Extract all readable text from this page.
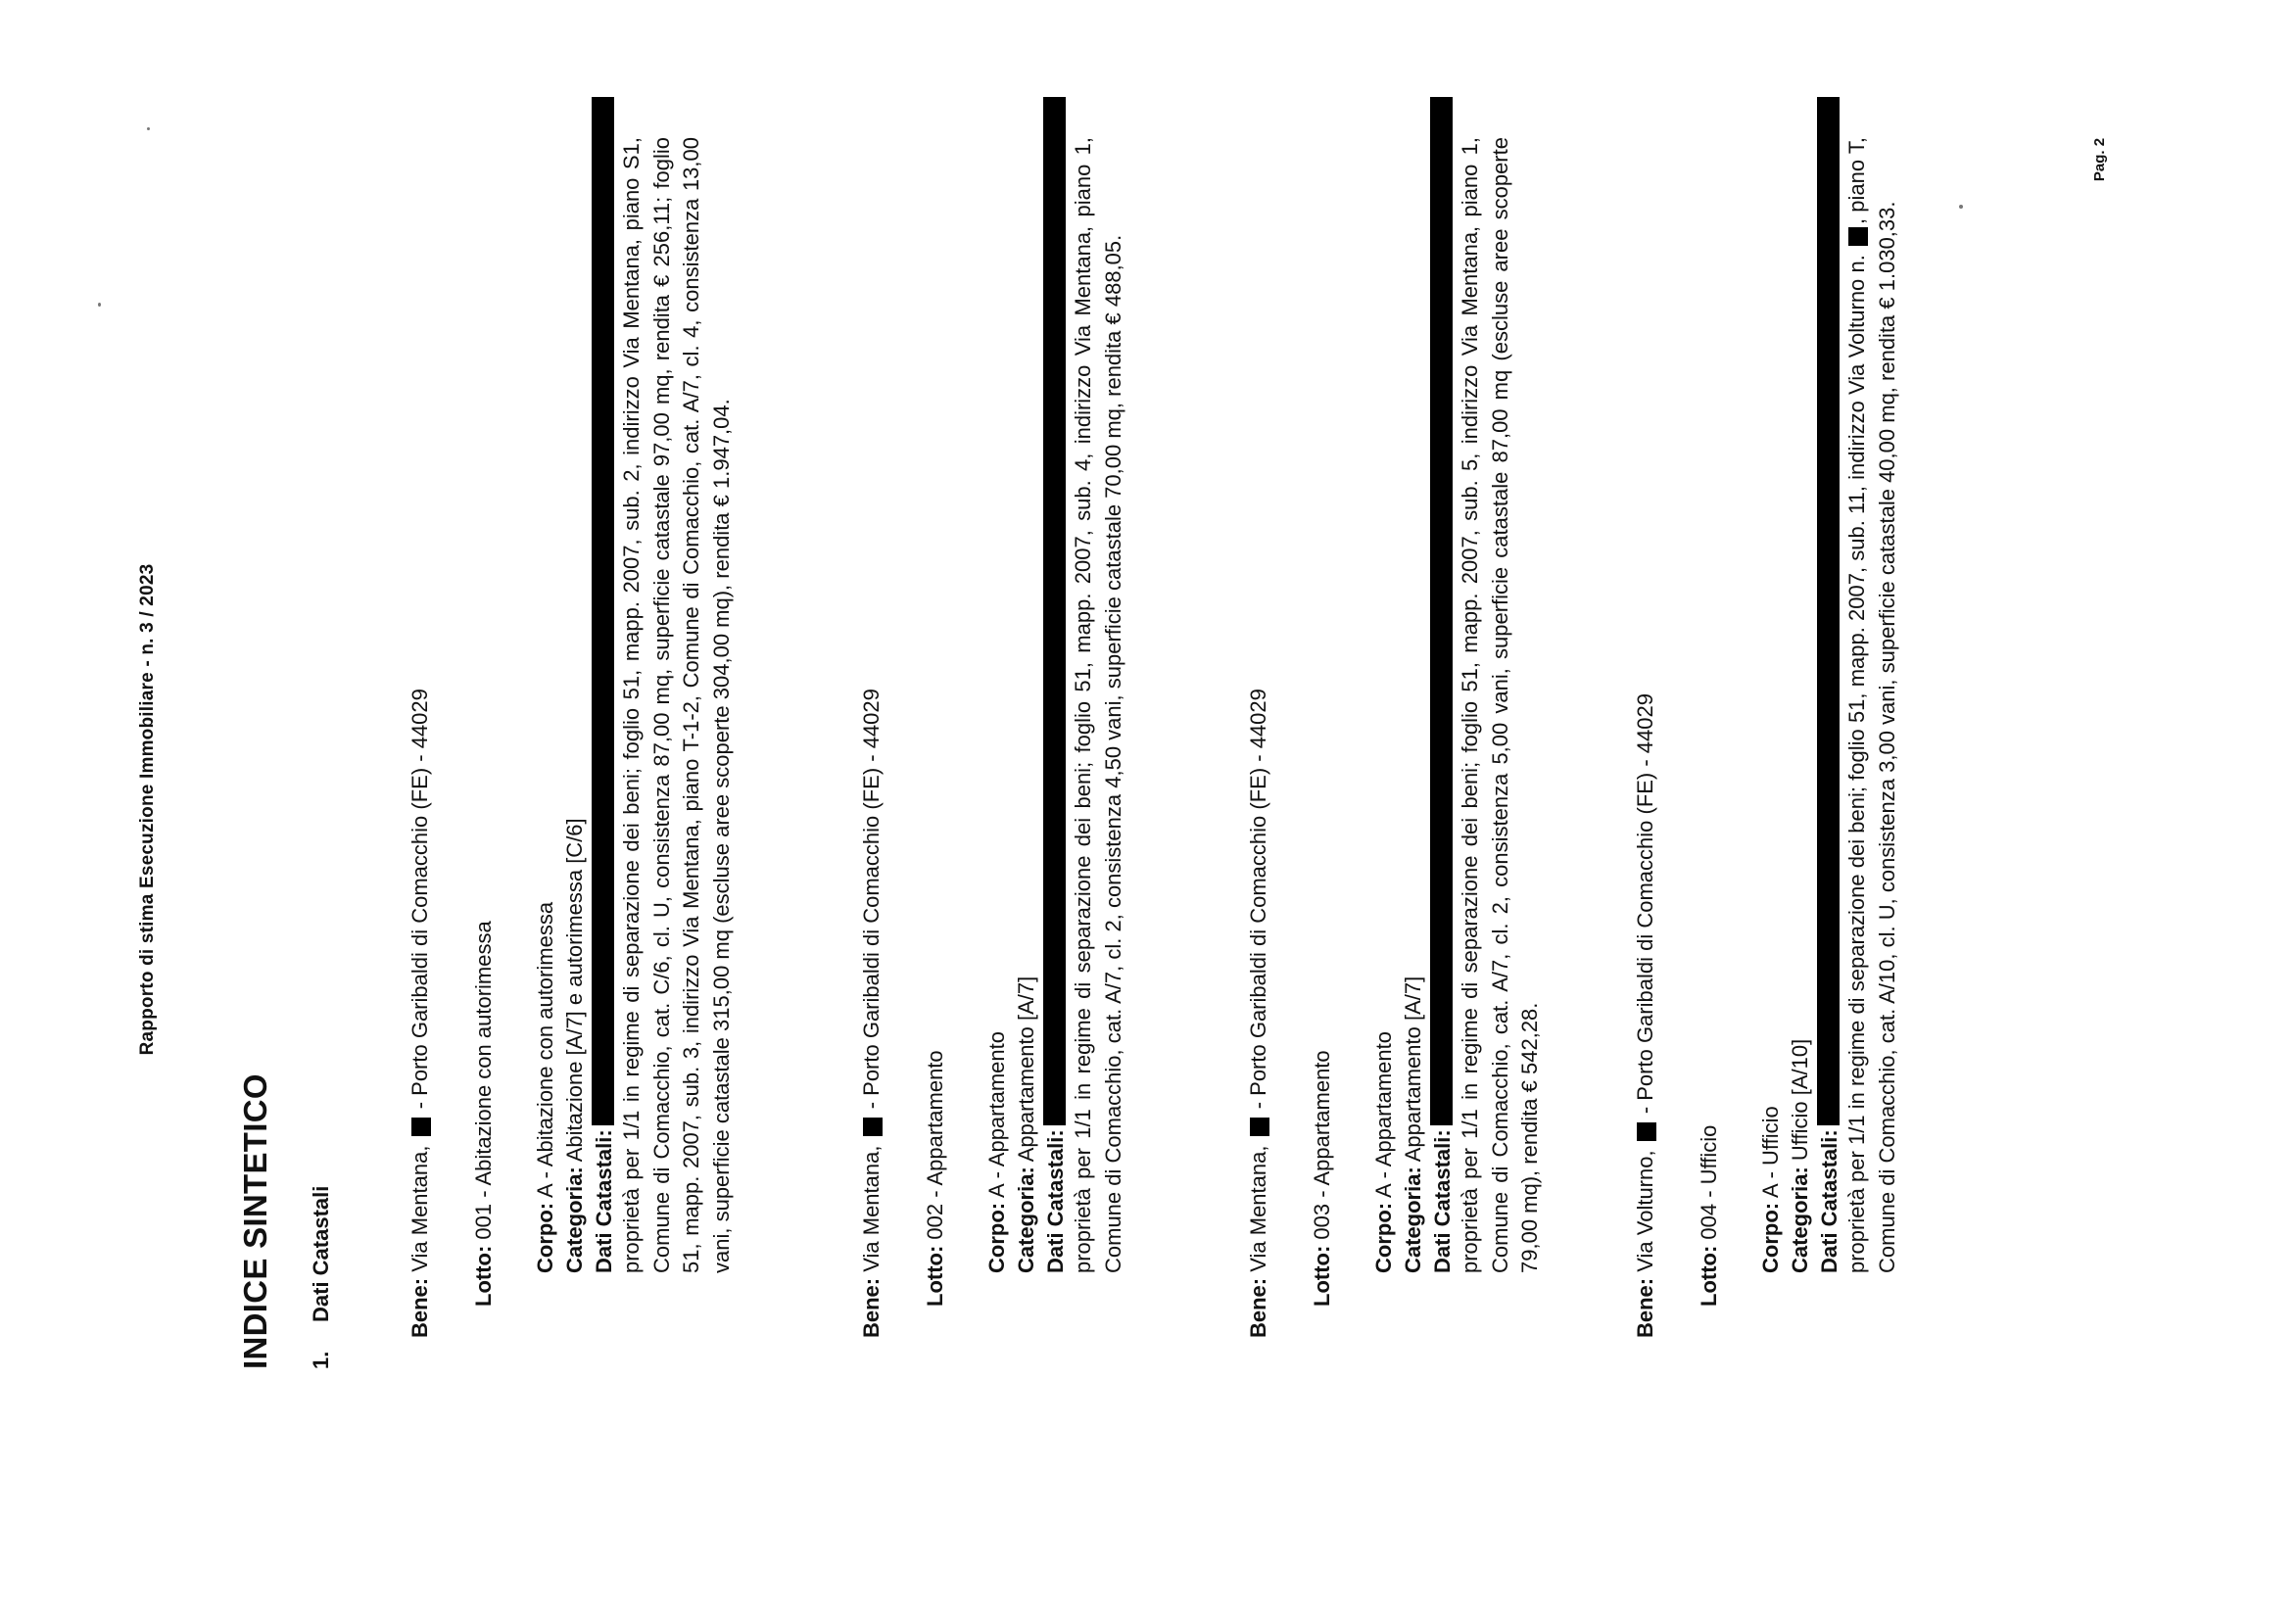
Rapporto di stima Esecuzione Immobiliare - n. 3 / 2023
INDICE SINTETICO 1.Dati Catastali	Bene: Via Mentana,  - Porto Garibaldi di Comacchio (FE) - 44029
Lotto: 001 - Abitazione con autorimessa Corpo: A - Abitazione con autorimessa
Categoria: Abitazione [A/7] e autorimessa [C/6]
Dati Catastali: proprietà per 1/1 in regime di separazione dei beni; foglio 51, mapp. 2007, sub. 2, indirizzo Via Mentana, piano S1, Comune di Comacchio, cat. C/6, cl. U, consistenza 87,00 mq, superficie catastale 97,00 mq, rendita € 256,11; foglio 51, mapp. 2007, sub. 3, indirizzo Via Mentana, piano T-1-2, Comune di Comacchio, cat. A/7, cl. 4, consistenza 13,00 vani, superficie catastale 315,00 mq (escluse aree scoperte 304,00 mq), rendita € 1.947,04.
Bene: Via Mentana,  - Porto Garibaldi di Comacchio (FE) - 44029
Lotto: 002 - Appartamento Corpo: A - Appartamento
Categoria: Appartamento [A/7]
Dati Catastali: proprietà per 1/1 in regime di separazione dei beni; foglio 51, mapp. 2007, sub. 4, indirizzo Via Mentana, piano 1, Comune di Comacchio, cat. A/7, cl. 2, consistenza 4,50 vani, superficie catastale 70,00 mq, rendita € 488,05.
Bene: Via Mentana,  - Porto Garibaldi di Comacchio (FE) - 44029
Lotto: 003 - Appartamento Corpo: A - Appartamento
Categoria: Appartamento [A/7]
Dati Catastali: proprietà per 1/1 in regime di separazione dei beni; foglio 51, mapp. 2007, sub. 5, indirizzo Via Mentana, piano 1, Comune di Comacchio, cat. A/7, cl. 2, consistenza 5,00 vani, superficie catastale 87,00 mq (escluse aree scoperte 79,00 mq), rendita € 542,28.
Bene: Via Volturno,  - Porto Garibaldi di Comacchio (FE) - 44029
Lotto: 004 - Ufficio Corpo: A - Ufficio
Categoria: Ufficio [A/10]
Dati Catastali: proprietà per 1/1 in regime di separazione dei beni; foglio 51, mapp. 2007, sub. 11, indirizzo Via Volturno n. , piano T, Comune di Comacchio, cat. A/10, cl. U, consistenza 3,00 vani, superficie catastale 40,00 mq, rendita € 1.030,33.
Pag. 2
